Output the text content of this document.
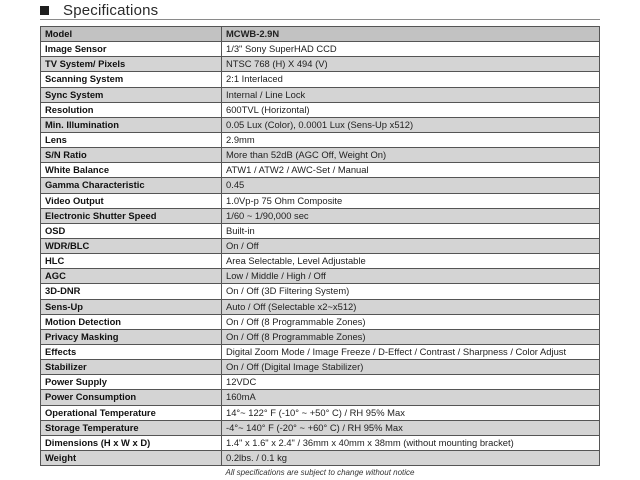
Specifications
Model	MCWB-2.9N
Image Sensor	1/3" Sony SuperHAD CCD
TV System/ Pixels	NTSC 768 (H) X 494 (V)
Scanning System	2:1 Interlaced
Sync System	Internal / Line Lock
Resolution	600TVL (Horizontal)
Min. Illumination	0.05 Lux (Color), 0.0001 Lux (Sens-Up x512)
Lens	2.9mm
S/N Ratio	More than 52dB (AGC Off, Weight On)
White Balance	ATW1 / ATW2 / AWC-Set / Manual
Gamma Characteristic	0.45
Video Output	1.0Vp-p 75 Ohm Composite
Electronic Shutter Speed	1/60 ~ 1/90,000 sec
OSD	Built-in
WDR/BLC	On / Off
HLC	Area Selectable, Level Adjustable
AGC	Low / Middle / High / Off
3D-DNR	On / Off (3D Filtering System)
Sens-Up	Auto / Off (Selectable x2~x512)
Motion Detection	On / Off (8 Programmable Zones)
Privacy Masking	On / Off (8 Programmable Zones)
Effects	Digital Zoom Mode / Image Freeze / D-Effect / Contrast / Sharpness / Color Adjust
Stabilizer	On / Off (Digital Image Stabilizer)
Power Supply	12VDC
Power Consumption	160mA
Operational Temperature	14°~ 122° F (-10° ~ +50° C) / RH 95% Max
Storage Temperature	-4°~ 140° F (-20° ~ +60° C) / RH 95% Max
Dimensions (H x W x D)	1.4" x 1.6" x 2.4" / 36mm x 40mm x 38mm (without mounting bracket)
Weight	0.2lbs. / 0.1 kg
All specifications are subject to change without notice
